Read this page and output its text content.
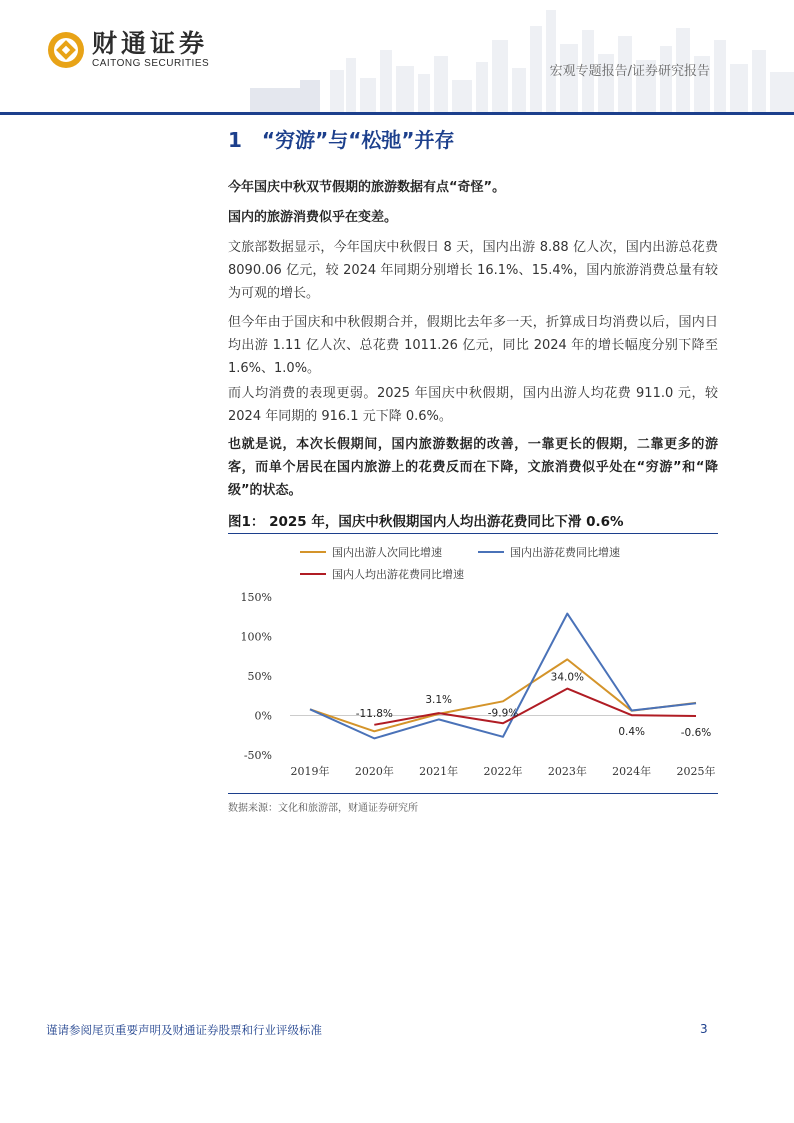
财通证券
CAITONG SECURITIES
宏观专题报告/证券研究报告
1 “穷游”与“松弛”并存

今年国庆中秋双节假期的旅游数据有点“奇怪”。

国内的旅游消费似乎在变差。

文旅部数据显示，今年国庆中秋假日 8 天，国内出游 8.88 亿人次，国内出游总花费 8090.06 亿元，较 2024 年同期分别增长 16.1%、15.4%，国内旅游消费总量有较为可观的增长。

但今年由于国庆和中秋假期合并，假期比去年多一天，折算成日均消费以后，国内日均出游 1.11 亿人次、总花费 1011.26 亿元，同比 2024 年的增长幅度分别下降至 1.6%、1.0%。

而人均消费的表现更弱。2025 年国庆中秋假期，国内出游人均花费 911.0 元，较 2024 年同期的 916.1 元下降 0.6%。

也就是说，本次长假期间，国内旅游数据的改善，一靠更长的假期，二靠更多的游客，而单个居民在国内旅游上的花费反而在下降，文旅消费似乎处在“穷游”和“降级”的状态。

图1： 2025 年，国庆中秋假期国内人均出游花费同比下滑 0.6%
国内出游人次同比增速	国内出游花费同比增速
国内人均出游花费同比增速
150%
100%
50%
0%
-50%
2019年 2020年 2021年 2022年 2023年 2024年 2025年
-11.8%
3.1%
-9.9%
34.0%
0.4%	-0.6%
数据来源：文化和旅游部，财通证券研究所
谨请参阅尾页重要声明及财通证券股票和行业评级标准	3
